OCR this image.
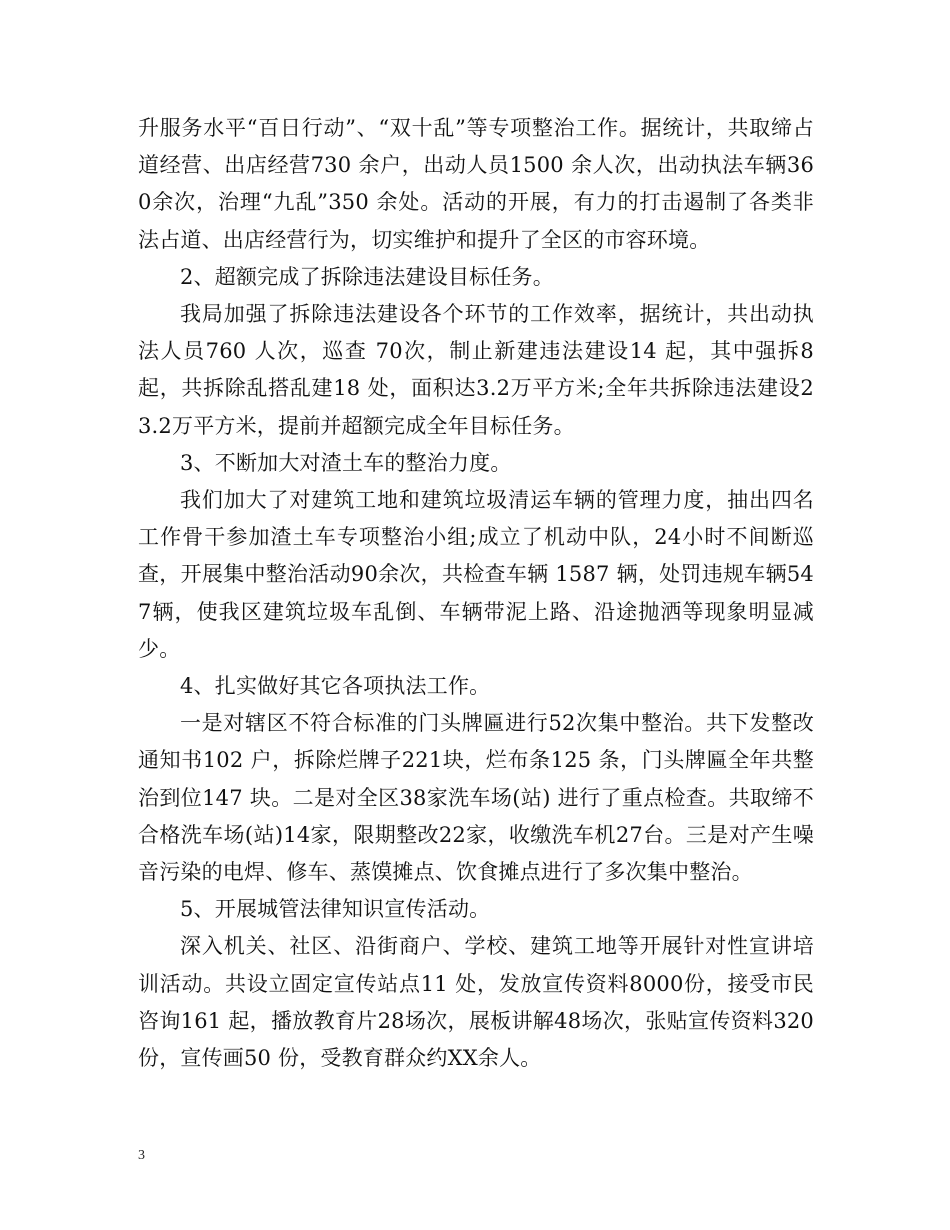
升服务水平“百日行动”、“双十乱”等专项整治工作。据统计，共取缔占道经营、出店经营730 余户，出动人员1500 余人次，出动执法车辆360余次，治理“九乱”350 余处。活动的开展，有力的打击遏制了各类非法占道、出店经营行为，切实维护和提升了全区的市容环境。

2、超额完成了拆除违法建设目标任务。

我局加强了拆除违法建设各个环节的工作效率，据统计，共出动执法人员760 人次，巡查 70次，制止新建违法建设14 起，其中强拆8起，共拆除乱搭乱建18 处，面积达3.2万平方米;全年共拆除违法建设23.2万平方米，提前并超额完成全年目标任务。

3、不断加大对渣土车的整治力度。

我们加大了对建筑工地和建筑垃圾清运车辆的管理力度，抽出四名工作骨干参加渣土车专项整治小组;成立了机动中队，24小时不间断巡查，开展集中整治活动90余次，共检查车辆 1587 辆，处罚违规车辆547辆，使我区建筑垃圾车乱倒、车辆带泥上路、沿途抛洒等现象明显减少。

4、扎实做好其它各项执法工作。

一是对辖区不符合标准的门头牌匾进行52次集中整治。共下发整改通知书102 户，拆除烂牌子221块，烂布条125 条，门头牌匾全年共整治到位147 块。二是对全区38家洗车场(站) 进行了重点检查。共取缔不合格洗车场(站)14家，限期整改22家，收缴洗车机27台。三是对产生噪音污染的电焊、修车、蒸馍摊点、饮食摊点进行了多次集中整治。

5、开展城管法律知识宣传活动。

深入机关、社区、沿街商户、学校、建筑工地等开展针对性宣讲培训活动。共设立固定宣传站点11 处，发放宣传资料8000份，接受市民咨询161 起，播放教育片28场次，展板讲解48场次，张贴宣传资料320份，宣传画50 份，受教育群众约XX余人。

3
